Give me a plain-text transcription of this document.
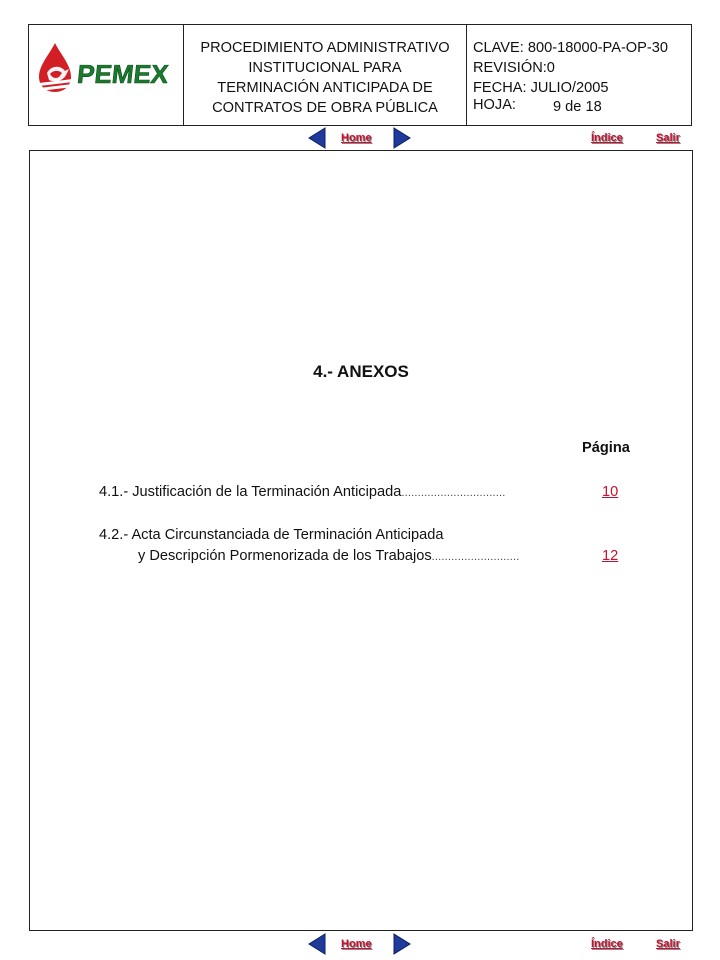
PEMEX
PROCEDIMIENTO ADMINISTRATIVO
INSTITUCIONAL PARA
TERMINACIÓN ANTICIPADA DE
CONTRATOS DE OBRA PÚBLICA
CLAVE: 800-18000-PA-OP-30
REVISIÓN:0
FECHA: JULIO/2005
HOJA:	9 de 18
Home	Índice	Salir
4.- ANEXOS
Página
4.1.- Justificación de la Terminación Anticipada................................	10
4.2.- Acta Circunstanciada de Terminación Anticipada
y Descripción Pormenorizada de los Trabajos...........................	12
Home	Índice	Salir
